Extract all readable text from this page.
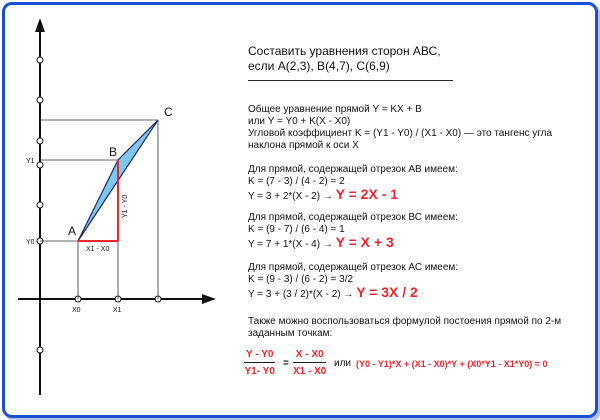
A
B
C
Y0
Y1
X0	X1
X1 - X0
Y1 - Y0
Составить уравнения сторон АВС,
если А(2,3), В(4,7), С(6,9)
Общее уравнение прямой Y = KX + B
или Y = Y0 + K(X - X0)
Угловой коэффициент K = (Y1 - Y0) / (X1 - X0) — это тангенс угла
наклона прямой к оси X
Для прямой, содержащей отрезок АВ имеем:
K = (7 - 3) / (4 - 2) = 2
Y = 3 + 2*(X - 2) → Y = 2X - 1
Для прямой, содержащей отрезок ВС имеем:
K = (9 - 7) / (6 - 4) = 1
Y = 7 + 1*(X - 4) → Y = X + 3
Для прямой, содержащей отрезок АС имеем:
K = (9 - 3) / (6 - 2) = 3/2
Y = 3 + (3 / 2)*(X - 2) → Y = 3X / 2
Также можно воспользоваться формулой постоения прямой по 2-м
заданным точкам:
$\frac{Y - Y0}{Y1- Y0} = \frac{X - X0}{X1 - X0}$ или (Y0 - Y1)*X + (X1 - X0)*Y + (X0*Y1 - X1*Y0) = 0
